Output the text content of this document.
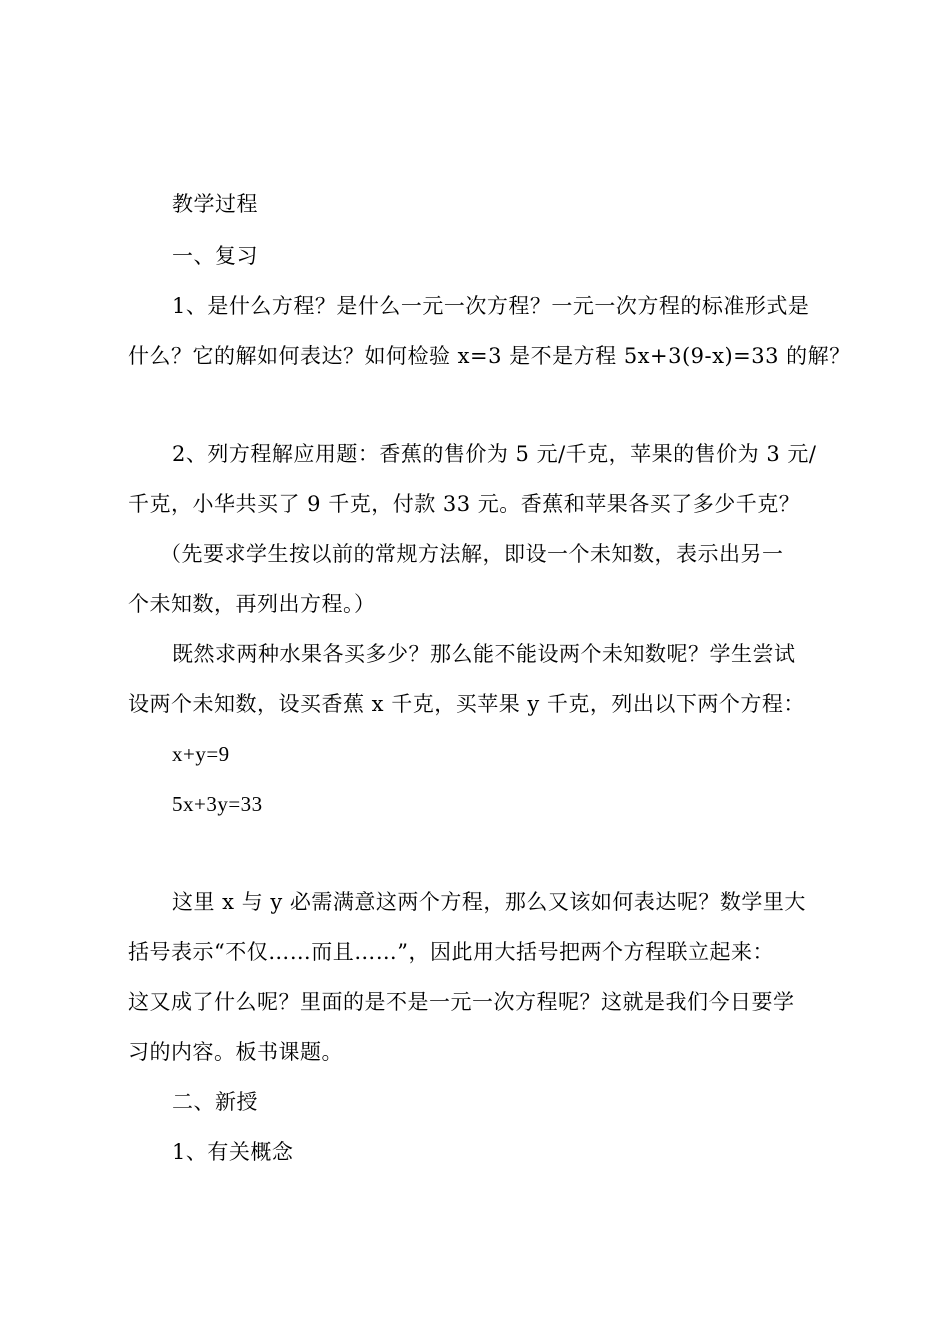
教学过程
一、复习
1、是什么方程？是什么一元一次方程？一元一次方程的标准形式是
什么？它的解如何表达？如何检验 x=3 是不是方程 5x+3(9-x)=33 的解？
2、列方程解应用题：香蕉的售价为 5 元/千克，苹果的售价为 3 元/
千克，小华共买了 9 千克，付款 33 元。香蕉和苹果各买了多少千克？
（先要求学生按以前的常规方法解，即设一个未知数，表示出另一
个未知数，再列出方程。）
既然求两种水果各买多少？那么能不能设两个未知数呢？学生尝试
设两个未知数，设买香蕉 x 千克，买苹果 y 千克，列出以下两个方程：
x+y=9
5x+3y=33
这里 x 与 y 必需满意这两个方程，那么又该如何表达呢？数学里大
括号表示“不仅……而且……”，因此用大括号把两个方程联立起来：
这又成了什么呢？里面的是不是一元一次方程呢？这就是我们今日要学
习的内容。板书课题。
二、新授
1、有关概念
